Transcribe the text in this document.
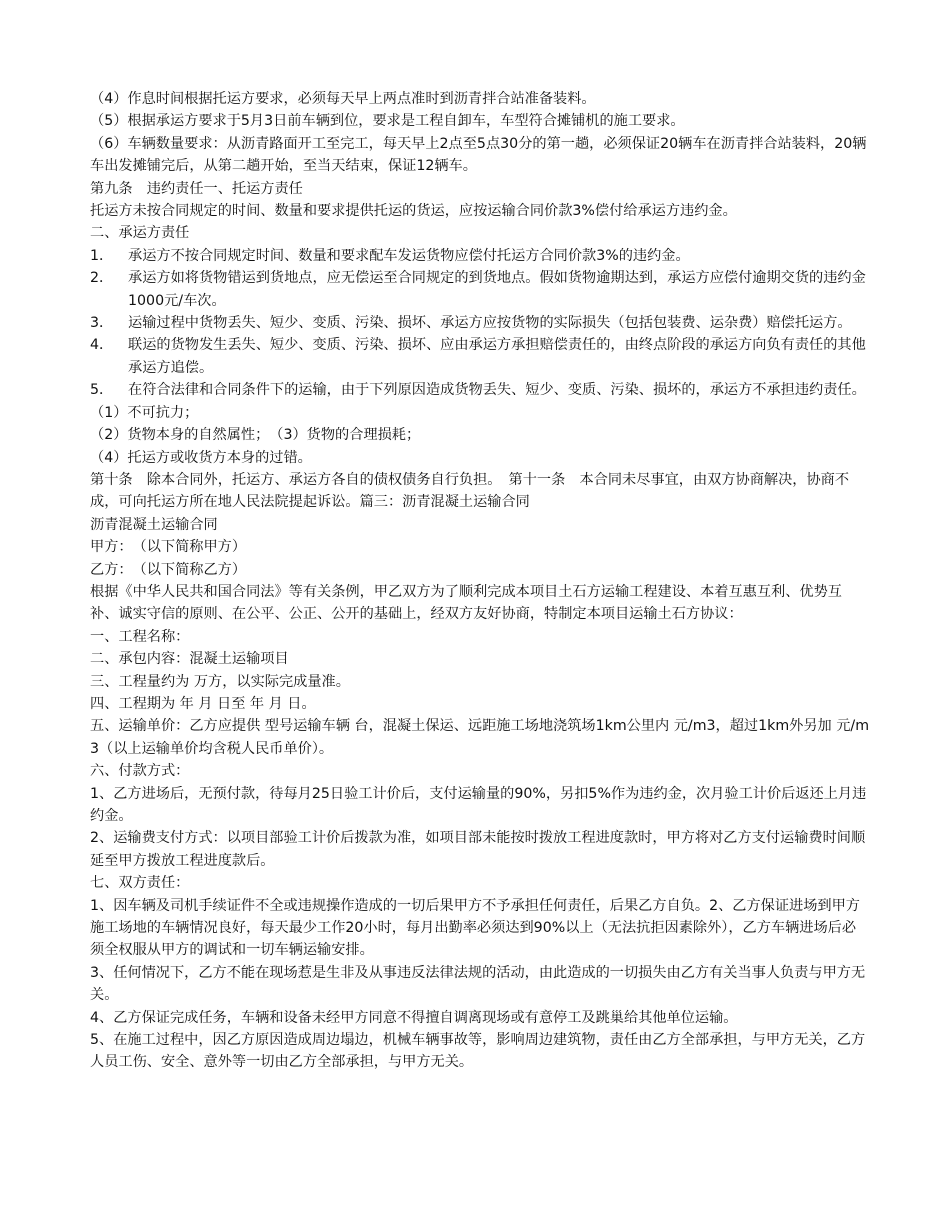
（4）作息时间根据托运方要求，必须每天早上两点准时到沥青拌合站准备装料。

（5）根据承运方要求于5月3日前车辆到位，要求是工程自卸车，车型符合摊铺机的施工要求。

（6）车辆数量要求：从沥青路面开工至完工，每天早上2点至5点30分的第一趟，必须保证20辆车在沥青拌合站装料，20辆车出发摊铺完后，从第二趟开始，至当天结束，保证12辆车。

第九条　违约责任一、托运方责任

托运方未按合同规定的时间、数量和要求提供托运的货运，应按运输合同价款3%偿付给承运方违约金。

二、承运方责任

1．	承运方不按合同规定时间、数量和要求配车发运货物应偿付托运方合同价款3%的违约金。
2．	承运方如将货物错运到货地点，应无偿运至合同规定的到货地点。假如货物逾期达到，承运方应偿付逾期交货的违约金1000元/车次。
3．	运输过程中货物丢失、短少、变质、污染、损坏、承运方应按货物的实际损失（包括包装费、运杂费）赔偿托运方。
4．	联运的货物发生丢失、短少、变质、污染、损坏、应由承运方承担赔偿责任的，由终点阶段的承运方向负有责任的其他承运方追偿。
5．	在符合法律和合同条件下的运输，由于下列原因造成货物丢失、短少、变质、污染、损坏的，承运方不承担违约责任。

（1）不可抗力；

（2）货物本身的自然属性；　（3）货物的合理损耗；

（4）托运方或收货方本身的过错。

第十条　除本合同外，托运方、承运方各自的债权债务自行负担。　第十一条　本合同未尽事宜，由双方协商解决，协商不成，可向托运方所在地人民法院提起诉讼。篇三：沥青混凝土运输合同

沥青混凝土运输合同

甲方：　（以下简称甲方）

乙方：　（以下简称乙方）

根据《中华人民共和国合同法》等有关条例，甲乙双方为了顺利完成本项目土石方运输工程建设、本着互惠互利、优势互补、诚实守信的原则、在公平、公正、公开的基础上，经双方友好协商，特制定本项目运输土石方协议：

一、工程名称：

二、承包内容：混凝土运输项目

三、工程量约为 万方，以实际完成量准。

四、工程期为 年 月 日至 年 月 日。

五、运输单价：乙方应提供 型号运输车辆 台，混凝土保运、远距施工场地浇筑场1km公里内 元/m3，超过1km外另加 元/m3（以上运输单价均含税人民币单价）。

六、付款方式：

1、乙方进场后，无预付款，待每月25日验工计价后，支付运输量的90%，另扣5%作为违约金，次月验工计价后返还上月违约金。

2、运输费支付方式：以项目部验工计价后拨款为准，如项目部未能按时拨放工程进度款时，甲方将对乙方支付运输费时间顺延至甲方拨放工程进度款后。

七、双方责任：

1、因车辆及司机手续证件不全或违规操作造成的一切后果甲方不予承担任何责任，后果乙方自负。2、乙方保证进场到甲方施工场地的车辆情况良好，每天最少工作20小时，每月出勤率必须达到90%以上（无法抗拒因素除外），乙方车辆进场后必须全权服从甲方的调试和一切车辆运输安排。

3、任何情况下，乙方不能在现场惹是生非及从事违反法律法规的活动，由此造成的一切损失由乙方有关当事人负责与甲方无关。

4、乙方保证完成任务，车辆和设备未经甲方同意不得擅自调离现场或有意停工及跳巢给其他单位运输。

5、在施工过程中，因乙方原因造成周边塌边，机械车辆事故等，影响周边建筑物，责任由乙方全部承担，与甲方无关，乙方人员工伤、安全、意外等一切由乙方全部承担，与甲方无关。
